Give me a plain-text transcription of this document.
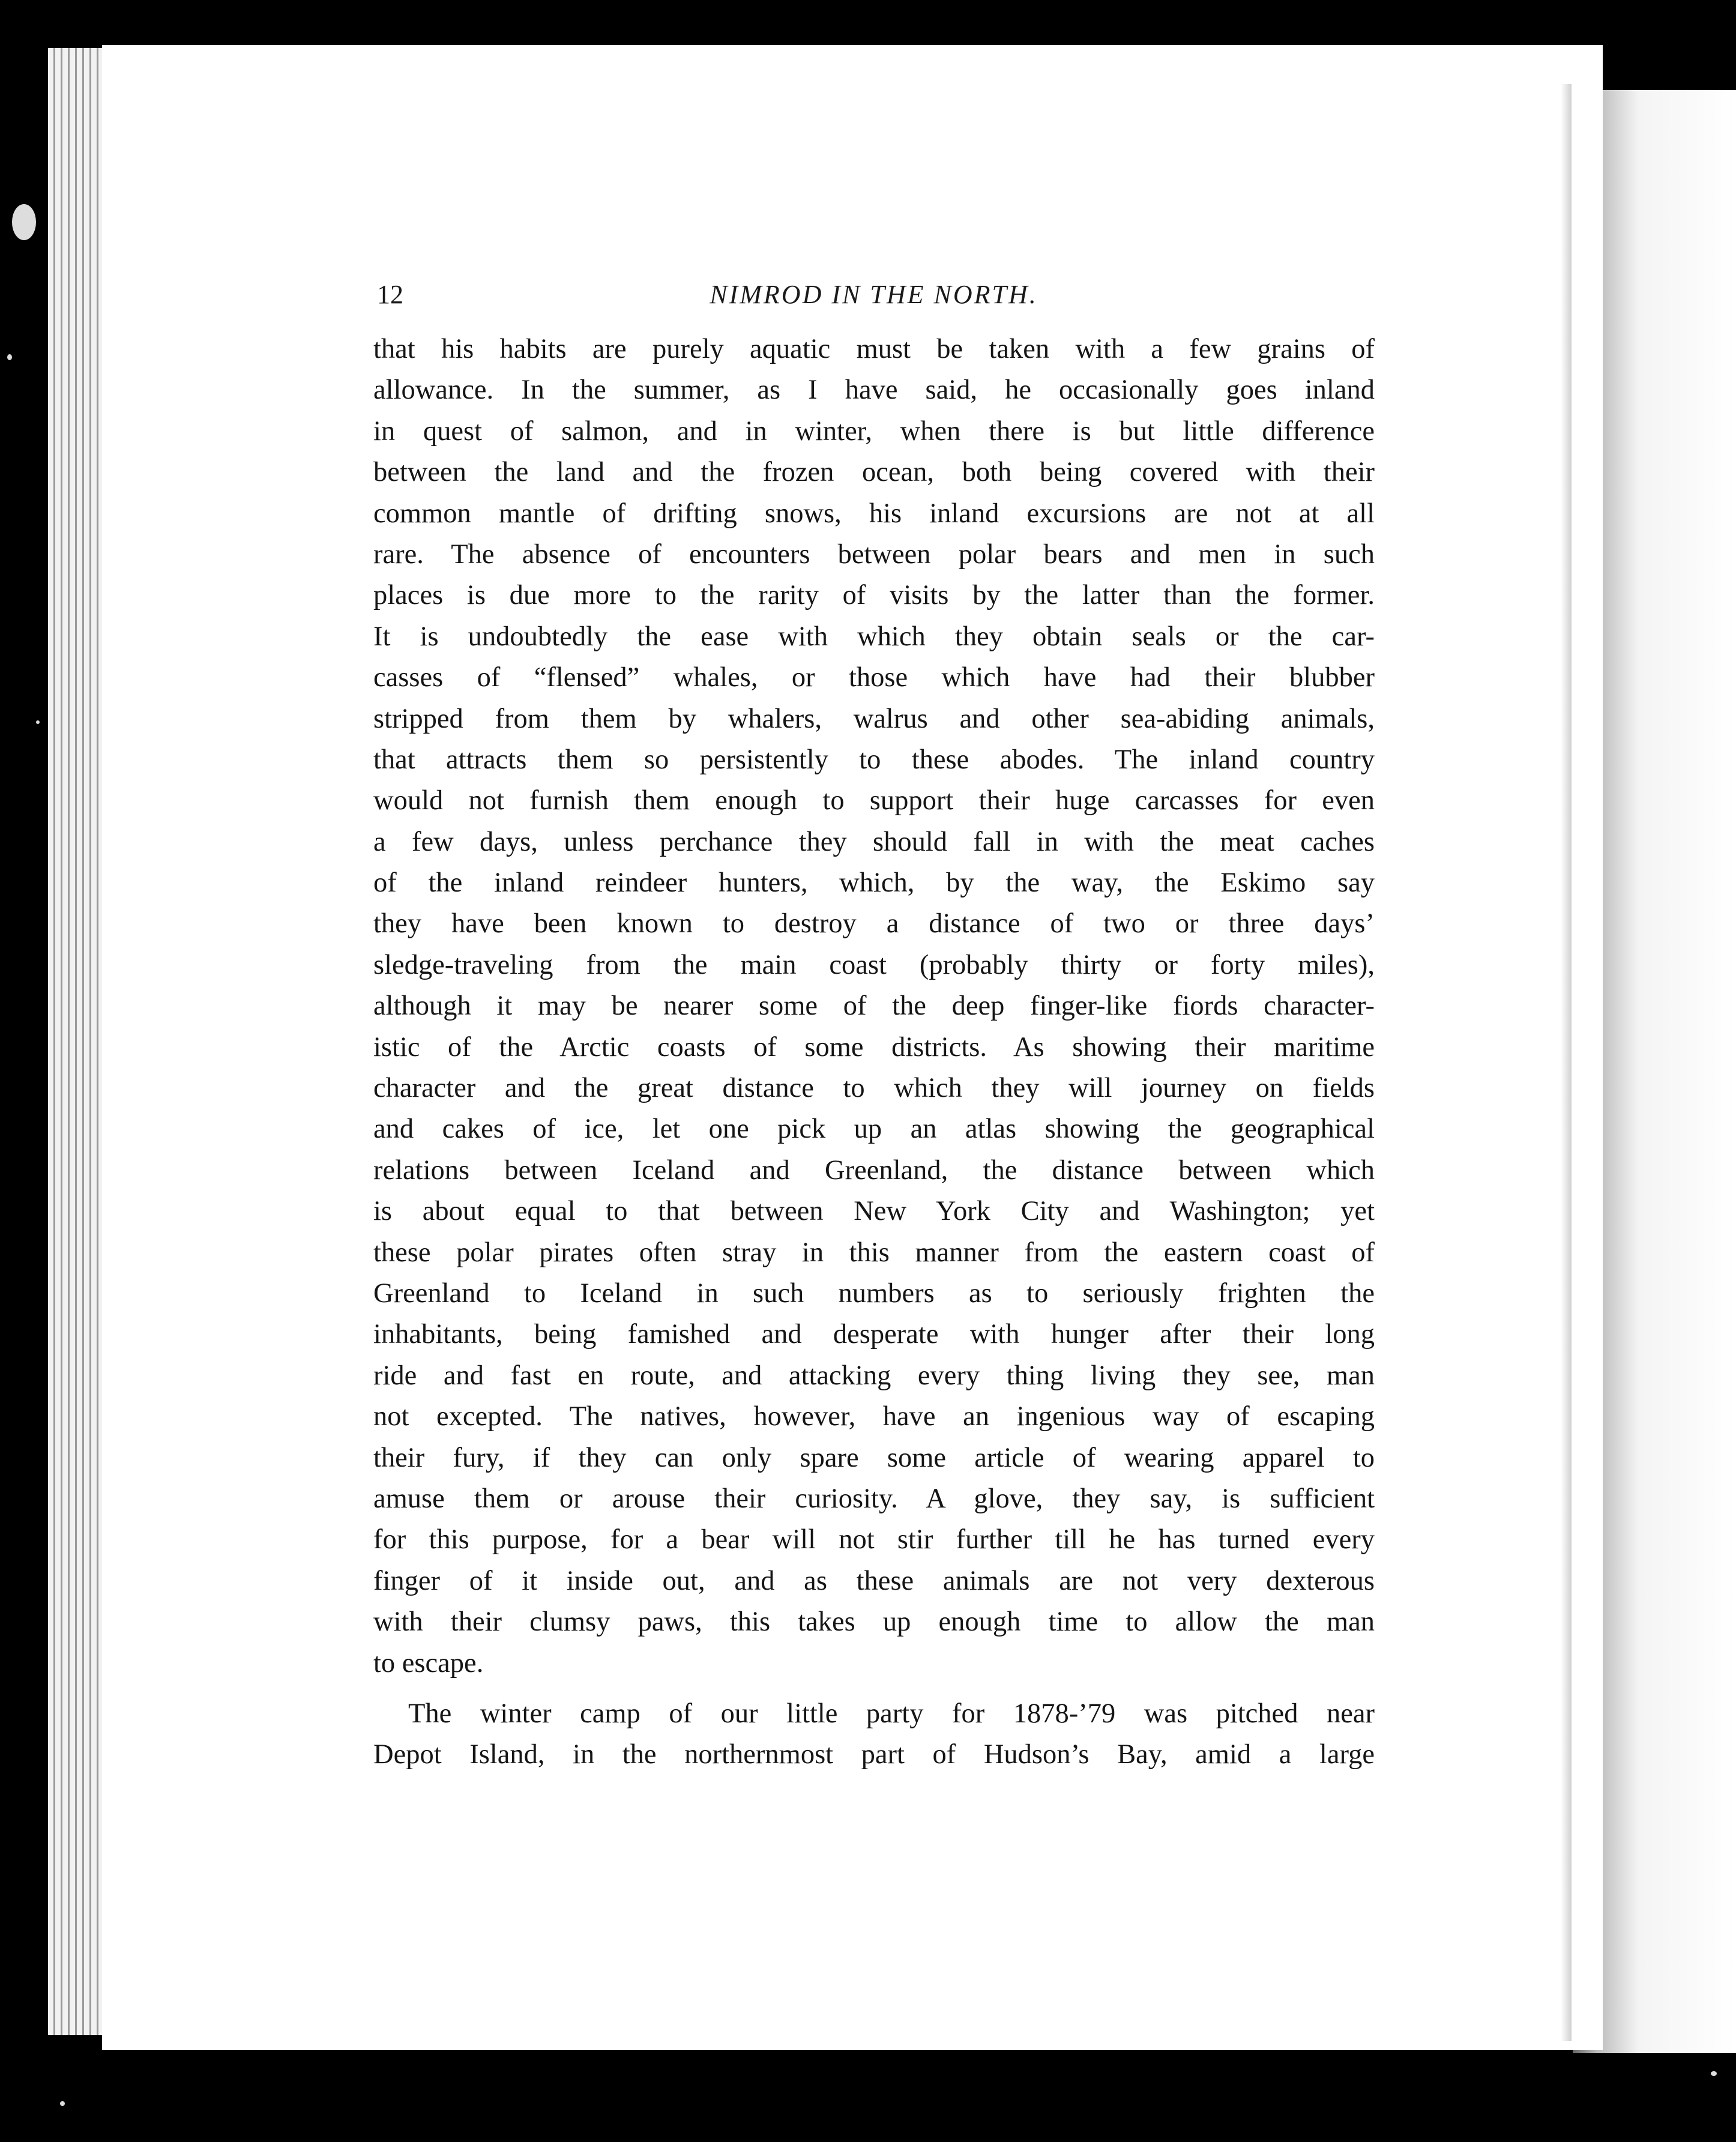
12	NIMROD IN THE NORTH.
that his habits are purely aquatic must be taken with a few grains of
allowance. In the summer, as I have said, he occasionally goes inland
in quest of salmon, and in winter, when there is but little difference
between the land and the frozen ocean, both being covered with their
common mantle of drifting snows, his inland excursions are not at all
rare. The absence of encounters between polar bears and men in such
places is due more to the rarity of visits by the latter than the former.
It is undoubtedly the ease with which they obtain seals or the car-
casses of “flensed” whales, or those which have had their blubber
stripped from them by whalers, walrus and other sea-abiding animals,
that attracts them so persistently to these abodes. The inland country
would not furnish them enough to support their huge carcasses for even
a few days, unless perchance they should fall in with the meat caches
of the inland reindeer hunters, which, by the way, the Eskimo say
they have been known to destroy a distance of two or three days’
sledge-traveling from the main coast (probably thirty or forty miles),
although it may be nearer some of the deep finger-like fiords character-
istic of the Arctic coasts of some districts. As showing their maritime
character and the great distance to which they will journey on fields
and cakes of ice, let one pick up an atlas showing the geographical
relations between Iceland and Greenland, the distance between which
is about equal to that between New York City and Washington; yet
these polar pirates often stray in this manner from the eastern coast of
Greenland to Iceland in such numbers as to seriously frighten the
inhabitants, being famished and desperate with hunger after their long
ride and fast en route, and attacking every thing living they see, man
not excepted. The natives, however, have an ingenious way of escaping
their fury, if they can only spare some article of wearing apparel to
amuse them or arouse their curiosity. A glove, they say, is sufficient
for this purpose, for a bear will not stir further till he has turned every
finger of it inside out, and as these animals are not very dexterous
with their clumsy paws, this takes up enough time to allow the man
to escape.
The winter camp of our little party for 1878-’79 was pitched near
Depot Island, in the northernmost part of Hudson’s Bay, amid a large
